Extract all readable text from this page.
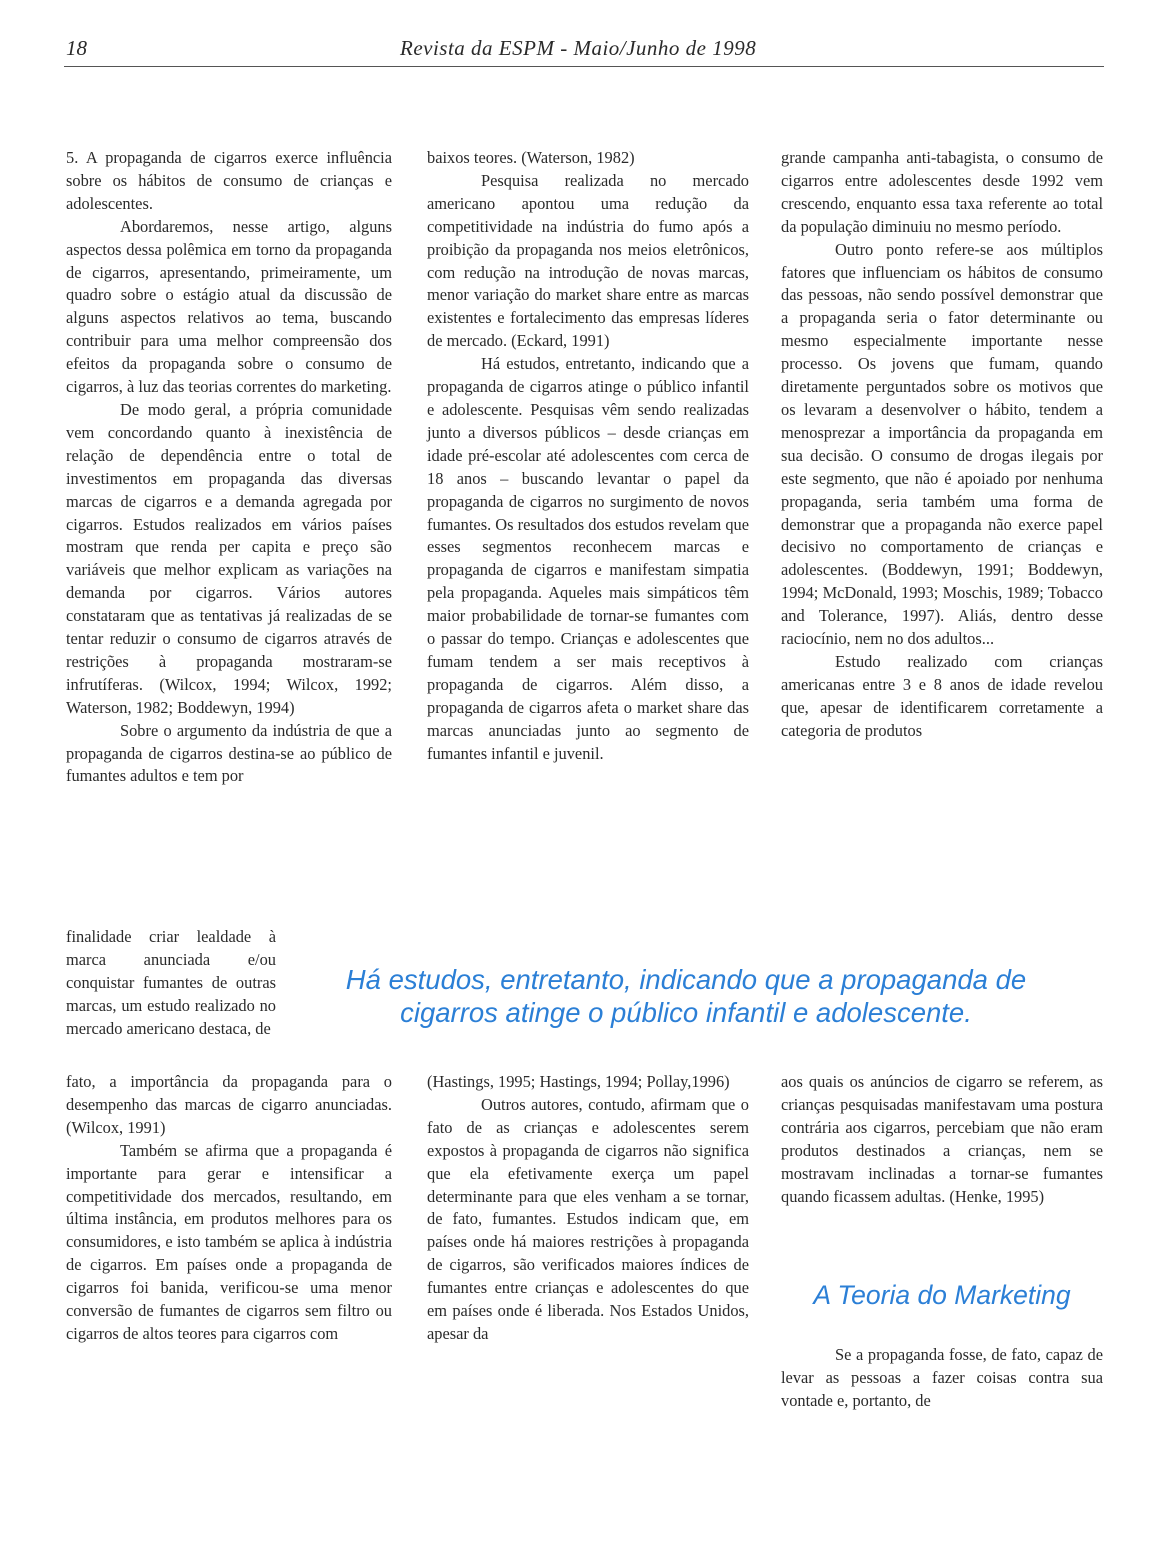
18	Revista da ESPM - Maio/Junho de 1998

5. A propaganda de cigarros exerce influência sobre os hábitos de consumo de crianças e adolescentes.

Abordaremos, nesse artigo, alguns aspectos dessa polêmica em torno da propaganda de cigarros, apresentando, primeiramente, um quadro sobre o estágio atual da discussão de alguns aspectos relativos ao tema, buscando contribuir para uma melhor compreensão dos efeitos da propaganda sobre o consumo de cigarros, à luz das teorias correntes do marketing.

De modo geral, a própria comunidade vem concordando quanto à inexistência de relação de dependência entre o total de investimentos em propaganda das diversas marcas de cigarros e a demanda agregada por cigarros. Estudos realizados em vários países mostram que renda per capita e preço são variáveis que melhor explicam as variações na demanda por cigarros. Vários autores constataram que as tentativas já realizadas de se tentar reduzir o consumo de cigarros através de restrições à propaganda mostraram-se infrutíferas. (Wilcox, 1994; Wilcox, 1992; Waterson, 1982; Boddewyn, 1994)

Sobre o argumento da indústria de que a propaganda de cigarros destina-se ao público de fumantes adultos e tem por

finalidade criar lealdade à marca anunciada e/ou conquistar fumantes de outras marcas, um estudo realizado no mercado americano destaca, de

fato, a importância da propaganda para o desempenho das marcas de cigarro anunciadas. (Wilcox, 1991)

Também se afirma que a propaganda é importante para gerar e intensificar a competitividade dos mercados, resultando, em última instância, em produtos melhores para os consumidores, e isto também se aplica à indústria de cigarros. Em países onde a propaganda de cigarros foi banida, verificou-se uma menor conversão de fumantes de cigarros sem filtro ou cigarros de altos teores para cigarros com

baixos teores. (Waterson, 1982)

Pesquisa realizada no mercado americano apontou uma redução da competitividade na indústria do fumo após a proibição da propaganda nos meios eletrônicos, com redução na introdução de novas marcas, menor variação do market share entre as marcas existentes e fortalecimento das empresas líderes de mercado. (Eckard, 1991)

Há estudos, entretanto, indicando que a propaganda de cigarros atinge o público infantil e adolescente. Pesquisas vêm sendo realizadas junto a diversos públicos – desde crianças em idade pré-escolar até adolescentes com cerca de 18 anos – buscando levantar o papel da propaganda de cigarros no surgimento de novos fumantes. Os resultados dos estudos revelam que esses segmentos reconhecem marcas e propaganda de cigarros e manifestam simpatia pela propaganda. Aqueles mais simpáticos têm maior probabilidade de tornar-se fumantes com o passar do tempo. Crianças e adolescentes que fumam tendem a ser mais receptivos à propaganda de cigarros. Além disso, a propaganda de cigarros afeta o market share das marcas anunciadas junto ao segmento de fumantes infantil e juvenil.

(Hastings, 1995; Hastings, 1994; Pollay,1996)

Outros autores, contudo, afirmam que o fato de as crianças e adolescentes serem expostos à propaganda de cigarros não significa que ela efetivamente exerça um papel determinante para que eles venham a se tornar, de fato, fumantes. Estudos indicam que, em países onde há maiores restrições à propaganda de cigarros, são verificados maiores índices de fumantes entre crianças e adolescentes do que em países onde é liberada. Nos Estados Unidos, apesar da

grande campanha anti-tabagista, o consumo de cigarros entre adolescentes desde 1992 vem crescendo, enquanto essa taxa referente ao total da população diminuiu no mesmo período.

Outro ponto refere-se aos múltiplos fatores que influenciam os hábitos de consumo das pessoas, não sendo possível demonstrar que a propaganda seria o fator determinante ou mesmo especialmente importante nesse processo. Os jovens que fumam, quando diretamente perguntados sobre os motivos que os levaram a desenvolver o hábito, tendem a menosprezar a importância da propaganda em sua decisão. O consumo de drogas ilegais por este segmento, que não é apoiado por nenhuma propaganda, seria também uma forma de demonstrar que a propaganda não exerce papel decisivo no comportamento de crianças e adolescentes. (Boddewyn, 1991; Boddewyn, 1994; McDonald, 1993; Moschis, 1989; Tobacco and Tolerance, 1997). Aliás, dentro desse raciocínio, nem no dos adultos...

Estudo realizado com crianças americanas entre 3 e 8 anos de idade revelou que, apesar de identificarem corretamente a categoria de produtos

aos quais os anúncios de cigarro se referem, as crianças pesquisadas manifestavam uma postura contrária aos cigarros, percebiam que não eram produtos destinados a crianças, nem se mostravam inclinadas a tornar-se fumantes quando ficassem adultas. (Henke, 1995)

Há estudos, entretanto, indicando que a propaganda de cigarros atinge o público infantil e adolescente.
A Teoria do Marketing

Se a propaganda fosse, de fato, capaz de levar as pessoas a fazer coisas contra sua vontade e, portanto, de
